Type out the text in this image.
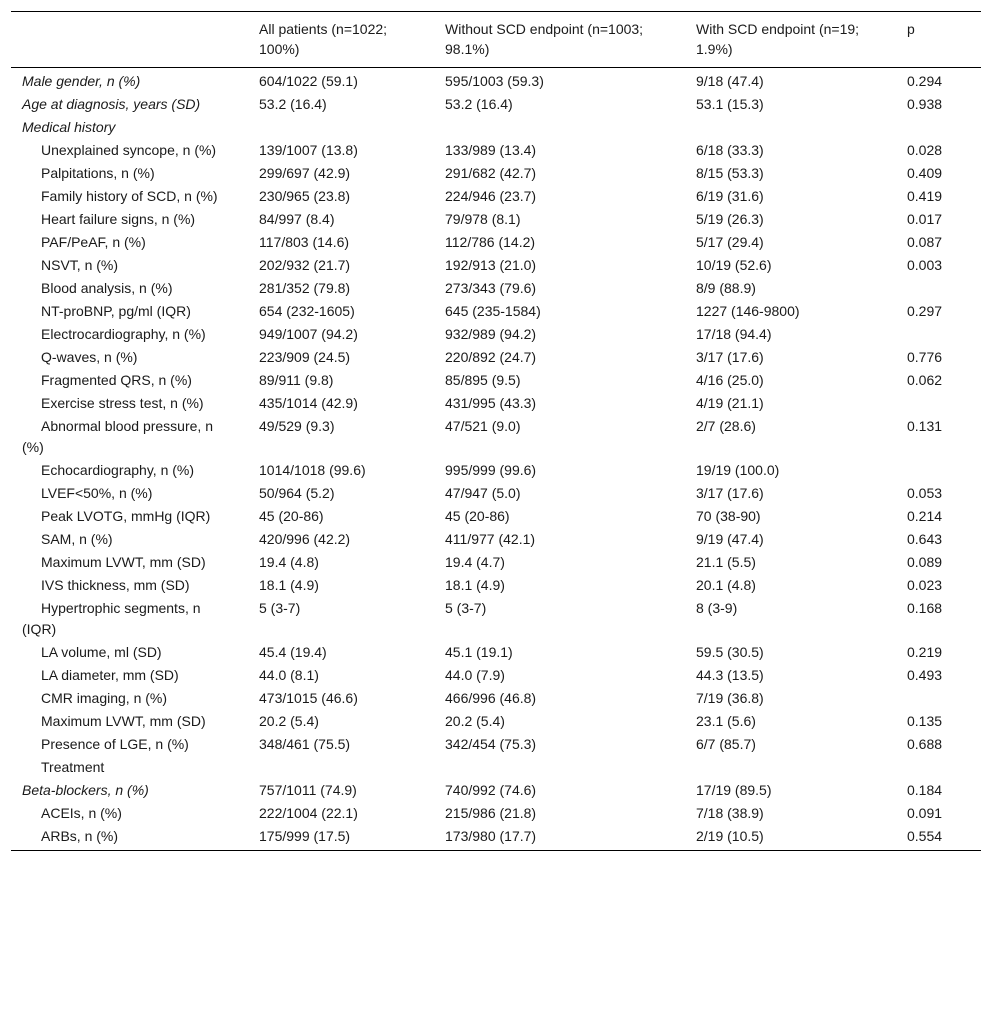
	All patients (n=1022; 100%)	Without SCD endpoint (n=1003; 98.1%)	With SCD endpoint (n=19; 1.9%)	p
Male gender, n (%)	604/1022 (59.1)	595/1003 (59.3)	9/18 (47.4)	0.294
Age at diagnosis, years (SD)	53.2 (16.4)	53.2 (16.4)	53.1 (15.3)	0.938
Medical history				
Unexplained syncope, n (%)	139/1007 (13.8)	133/989 (13.4)	6/18 (33.3)	0.028
Palpitations, n (%)	299/697 (42.9)	291/682 (42.7)	8/15 (53.3)	0.409
Family history of SCD, n (%)	230/965 (23.8)	224/946 (23.7)	6/19 (31.6)	0.419
Heart failure signs, n (%)	84/997 (8.4)	79/978 (8.1)	5/19 (26.3)	0.017
PAF/PeAF, n (%)	117/803 (14.6)	112/786 (14.2)	5/17 (29.4)	0.087
NSVT, n (%)	202/932 (21.7)	192/913 (21.0)	10/19 (52.6)	0.003
Blood analysis, n (%)	281/352 (79.8)	273/343 (79.6)	8/9 (88.9)	
NT-proBNP, pg/ml (IQR)	654 (232-1605)	645 (235-1584)	1227 (146-9800)	0.297
Electrocardiography, n (%)	949/1007 (94.2)	932/989 (94.2)	17/18 (94.4)	
Q-waves, n (%)	223/909 (24.5)	220/892 (24.7)	3/17 (17.6)	0.776
Fragmented QRS, n (%)	89/911 (9.8)	85/895 (9.5)	4/16 (25.0)	0.062
Exercise stress test, n (%)	435/1014 (42.9)	431/995 (43.3)	4/19 (21.1)	
Abnormal blood pressure, n (%)	49/529 (9.3)	47/521 (9.0)	2/7 (28.6)	0.131
Echocardiography, n (%)	1014/1018 (99.6)	995/999 (99.6)	19/19 (100.0)	
LVEF<50%, n (%)	50/964 (5.2)	47/947 (5.0)	3/17 (17.6)	0.053
Peak LVOTG, mmHg (IQR)	45 (20-86)	45 (20-86)	70 (38-90)	0.214
SAM, n (%)	420/996 (42.2)	411/977 (42.1)	9/19 (47.4)	0.643
Maximum LVWT, mm (SD)	19.4 (4.8)	19.4 (4.7)	21.1 (5.5)	0.089
IVS thickness, mm (SD)	18.1 (4.9)	18.1 (4.9)	20.1 (4.8)	0.023
Hypertrophic segments, n (IQR)	5 (3-7)	5 (3-7)	8 (3-9)	0.168
LA volume, ml (SD)	45.4 (19.4)	45.1 (19.1)	59.5 (30.5)	0.219
LA diameter, mm (SD)	44.0 (8.1)	44.0 (7.9)	44.3 (13.5)	0.493
CMR imaging, n (%)	473/1015 (46.6)	466/996 (46.8)	7/19 (36.8)	
Maximum LVWT, mm (SD)	20.2 (5.4)	20.2 (5.4)	23.1 (5.6)	0.135
Presence of LGE, n (%)	348/461 (75.5)	342/454 (75.3)	6/7 (85.7)	0.688
Treatment				
Beta-blockers, n (%)	757/1011 (74.9)	740/992 (74.6)	17/19 (89.5)	0.184
ACEIs, n (%)	222/1004 (22.1)	215/986 (21.8)	7/18 (38.9)	0.091
ARBs, n (%)	175/999 (17.5)	173/980 (17.7)	2/19 (10.5)	0.554
